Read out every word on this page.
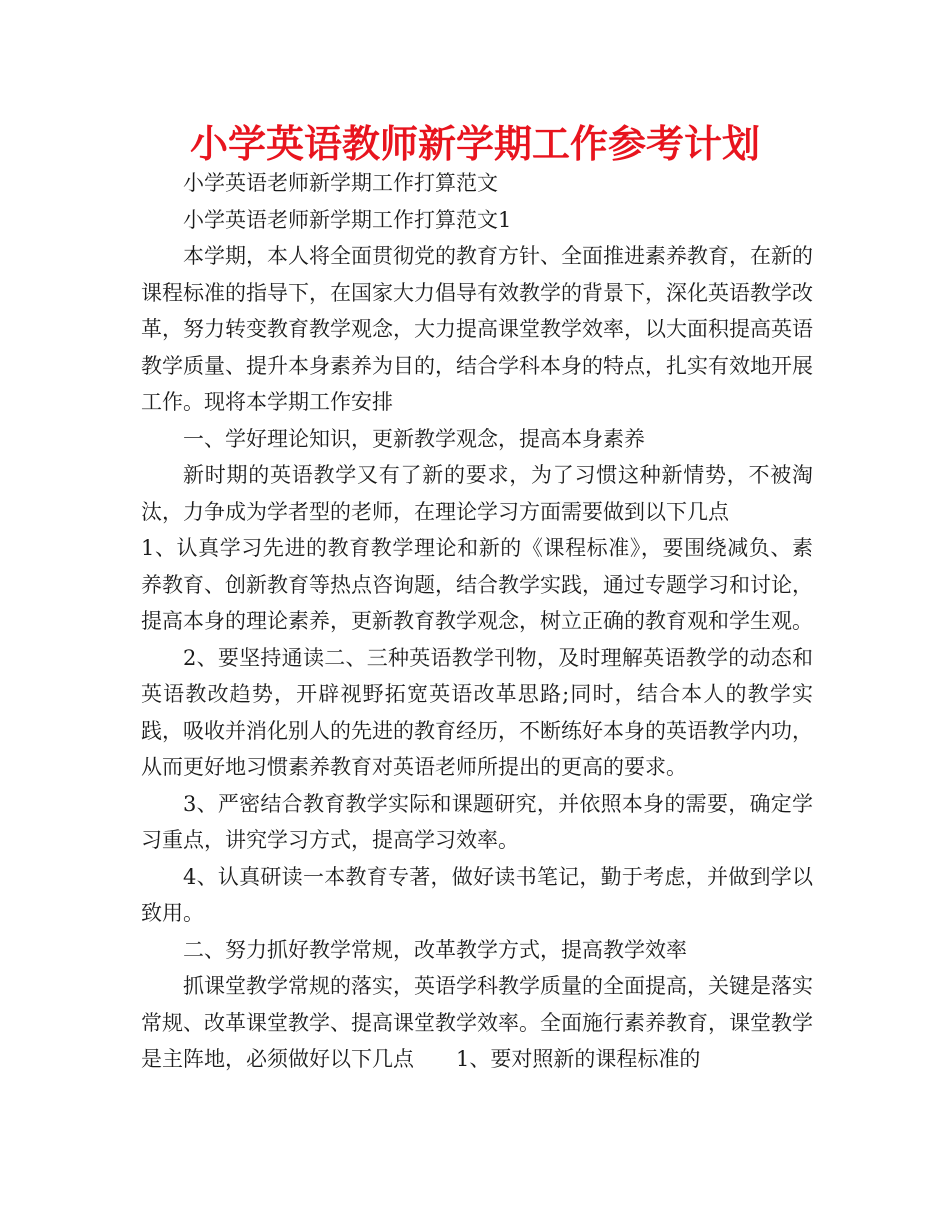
小学英语教师新学期工作参考计划

小学英语老师新学期工作打算范文

小学英语老师新学期工作打算范文1

本学期，本人将全面贯彻党的教育方针、全面推进素养教育，在新的课程标准的指导下，在国家大力倡导有效教学的背景下，深化英语教学改革，努力转变教育教学观念，大力提高课堂教学效率，以大面积提高英语教学质量、提升本身素养为目的，结合学科本身的特点，扎实有效地开展工作。现将本学期工作安排

一、学好理论知识，更新教学观念，提高本身素养

新时期的英语教学又有了新的要求，为了习惯这种新情势，不被淘汰，力争成为学者型的老师，在理论学习方面需要做到以下几点

1、认真学习先进的教育教学理论和新的《课程标准》，要围绕减负、素养教育、创新教育等热点咨询题，结合教学实践，通过专题学习和讨论，提高本身的理论素养，更新教育教学观念，树立正确的教育观和学生观。

2、要坚持通读二、三种英语教学刊物，及时理解英语教学的动态和英语教改趋势，开辟视野拓宽英语改革思路;同时，结合本人的教学实践，吸收并消化别人的先进的教育经历，不断练好本身的英语教学内功，从而更好地习惯素养教育对英语老师所提出的更高的要求。

3、严密结合教育教学实际和课题研究，并依照本身的需要，确定学习重点，讲究学习方式，提高学习效率。

4、认真研读一本教育专著，做好读书笔记，勤于考虑，并做到学以致用。

二、努力抓好教学常规，改革教学方式，提高教学效率

抓课堂教学常规的落实，英语学科教学质量的全面提高，关键是落实常规、改革课堂教学、提高课堂教学效率。全面施行素养教育，课堂教学是主阵地，必须做好以下几点　　1、要对照新的课程标准的
